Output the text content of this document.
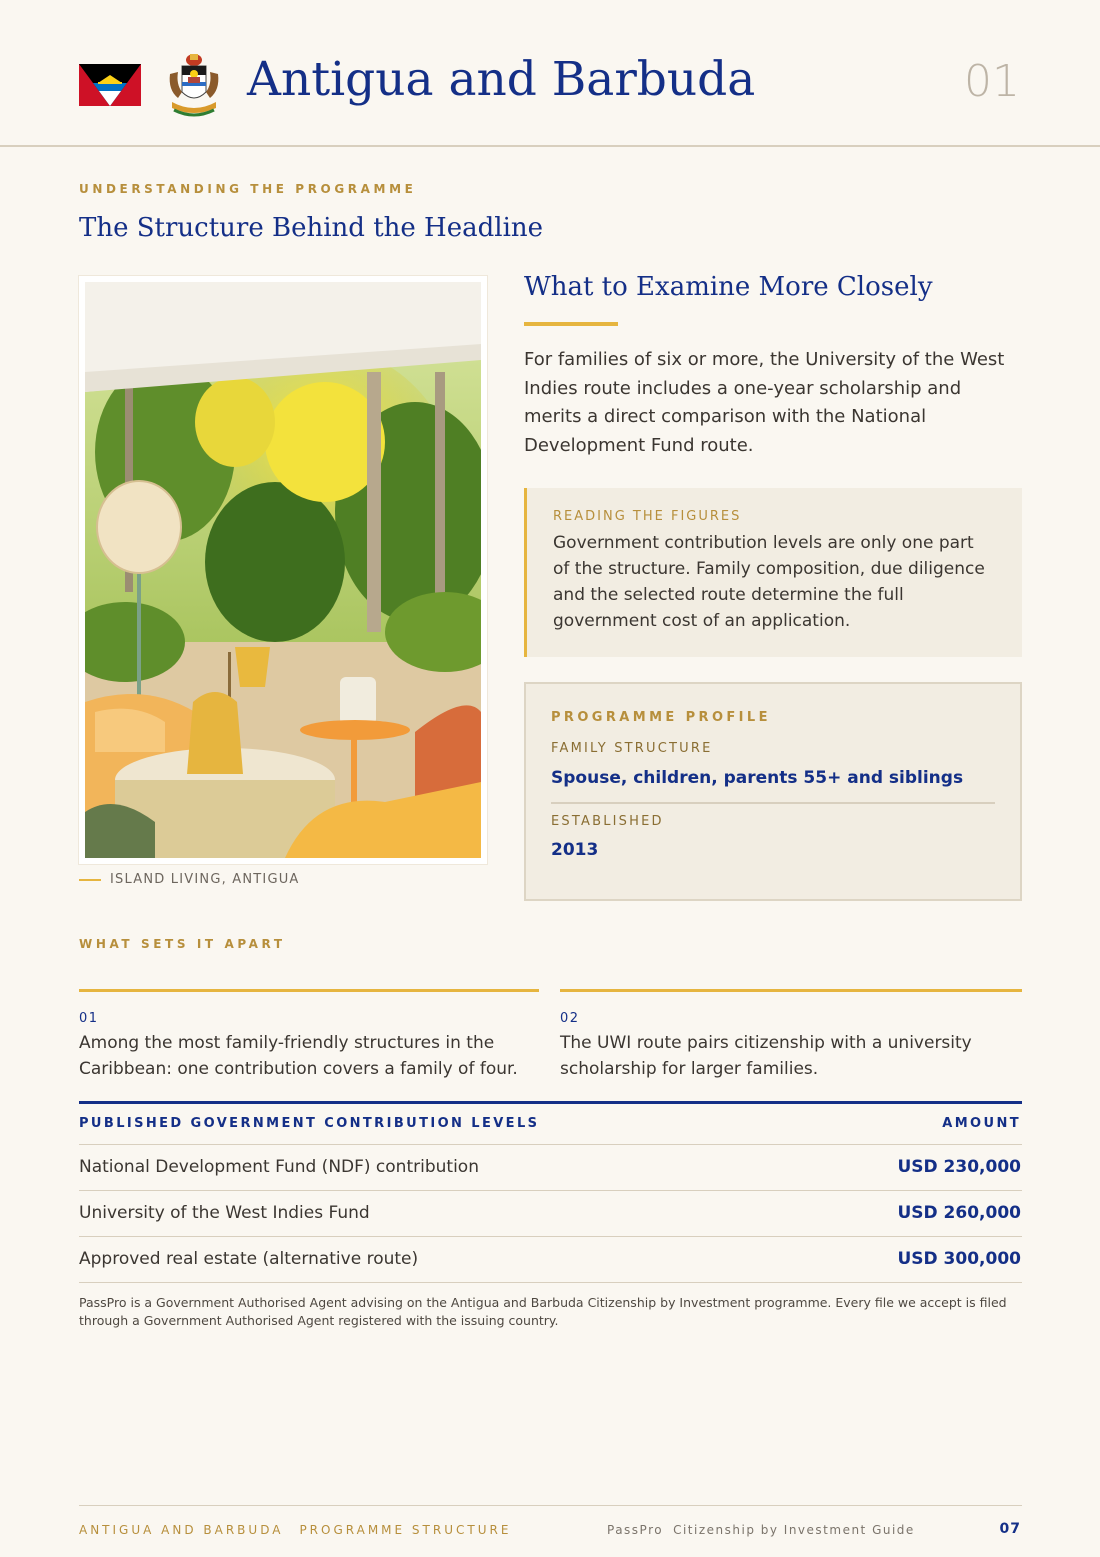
Antigua and Barbuda	01
UNDERSTANDING THE PROGRAMME
The Structure Behind the Headline
ISLAND LIVING, ANTIGUA
What to Examine More Closely
For families of six or more, the University of the West Indies route includes a one-year scholarship and merits a direct comparison with the National Development Fund route.
READING THE FIGURES
Government contribution levels are only one part of the structure. Family composition, due diligence and the selected route determine the full government cost of an application.
PROGRAMME PROFILE
FAMILY STRUCTURE
Spouse, children, parents 55+ and siblings
ESTABLISHED
2013
WHAT SETS IT APART
01
Among the most family-friendly structures in the Caribbean: one contribution covers a family of four.
02
The UWI route pairs citizenship with a university scholarship for larger families.
PUBLISHED GOVERNMENT CONTRIBUTION LEVELS	AMOUNT
National Development Fund (NDF) contribution	USD 230,000
University of the West Indies Fund	USD 260,000
Approved real estate (alternative route)	USD 300,000
PassPro is a Government Authorised Agent advising on the Antigua and Barbuda Citizenship by Investment programme. Every file we accept is filed through a Government Authorised Agent registered with the issuing country.
ANTIGUA AND BARBUDA PROGRAMME STRUCTURE	PassPro Citizenship by Investment Guide	07
